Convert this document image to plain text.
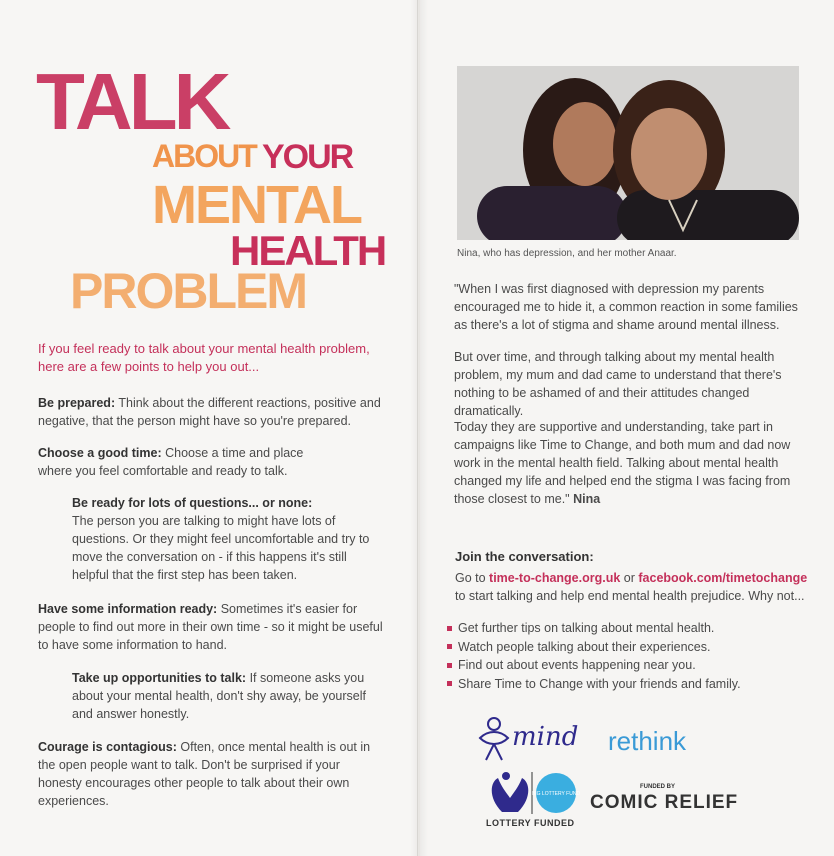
TALK
ABOUT YOUR
MENTAL
HEALTH
PROBLEM

If you feel ready to talk about your mental health problem, here are a few points to help you out...

Be prepared: Think about the different reactions, positive and negative, that the person might have so you're prepared.

Choose a good time: Choose a time and place where you feel comfortable and ready to talk.

Be ready for lots of questions... or none:
The person you are talking to might have lots of questions. Or they might feel uncomfortable and try to move the conversation on - if this happens it's still helpful that the first step has been taken.

Have some information ready: Sometimes it's easier for people to find out more in their own time - so it might be useful to have some information to hand.

Take up opportunities to talk: If someone asks you about your mental health, don't shy away, be yourself and answer honestly.

Courage is contagious: Often, once mental health is out in the open people want to talk. Don't be surprised if your honesty encourages other people to talk about their own experiences.

Nina, who has depression, and her mother Anaar.

"When I was first diagnosed with depression my parents encouraged me to hide it, a common reaction in some families as there's a lot of stigma and shame around mental illness.

But over time, and through talking about my mental health problem, my mum and dad came to understand that there's nothing to be ashamed of and their attitudes changed dramatically.

Today they are supportive and understanding, take part in campaigns like Time to Change, and both mum and dad now work in the mental health field. Talking about mental health changed my life and helped end the stigma I was facing from those closest to me." Nina

Join the conversation:

Go to time-to-change.org.uk or facebook.com/timetochange to start talking and help end mental health prejudice. Why not...

Get further tips on talking about mental health.
Watch people talking about their experiences.
Find out about events happening near you.
Share Time to Change with your friends and family.
mind rethink
BIG LOTTERY FUND
LOTTERY FUNDED
FUNDED BY
COMIC RELIEF
